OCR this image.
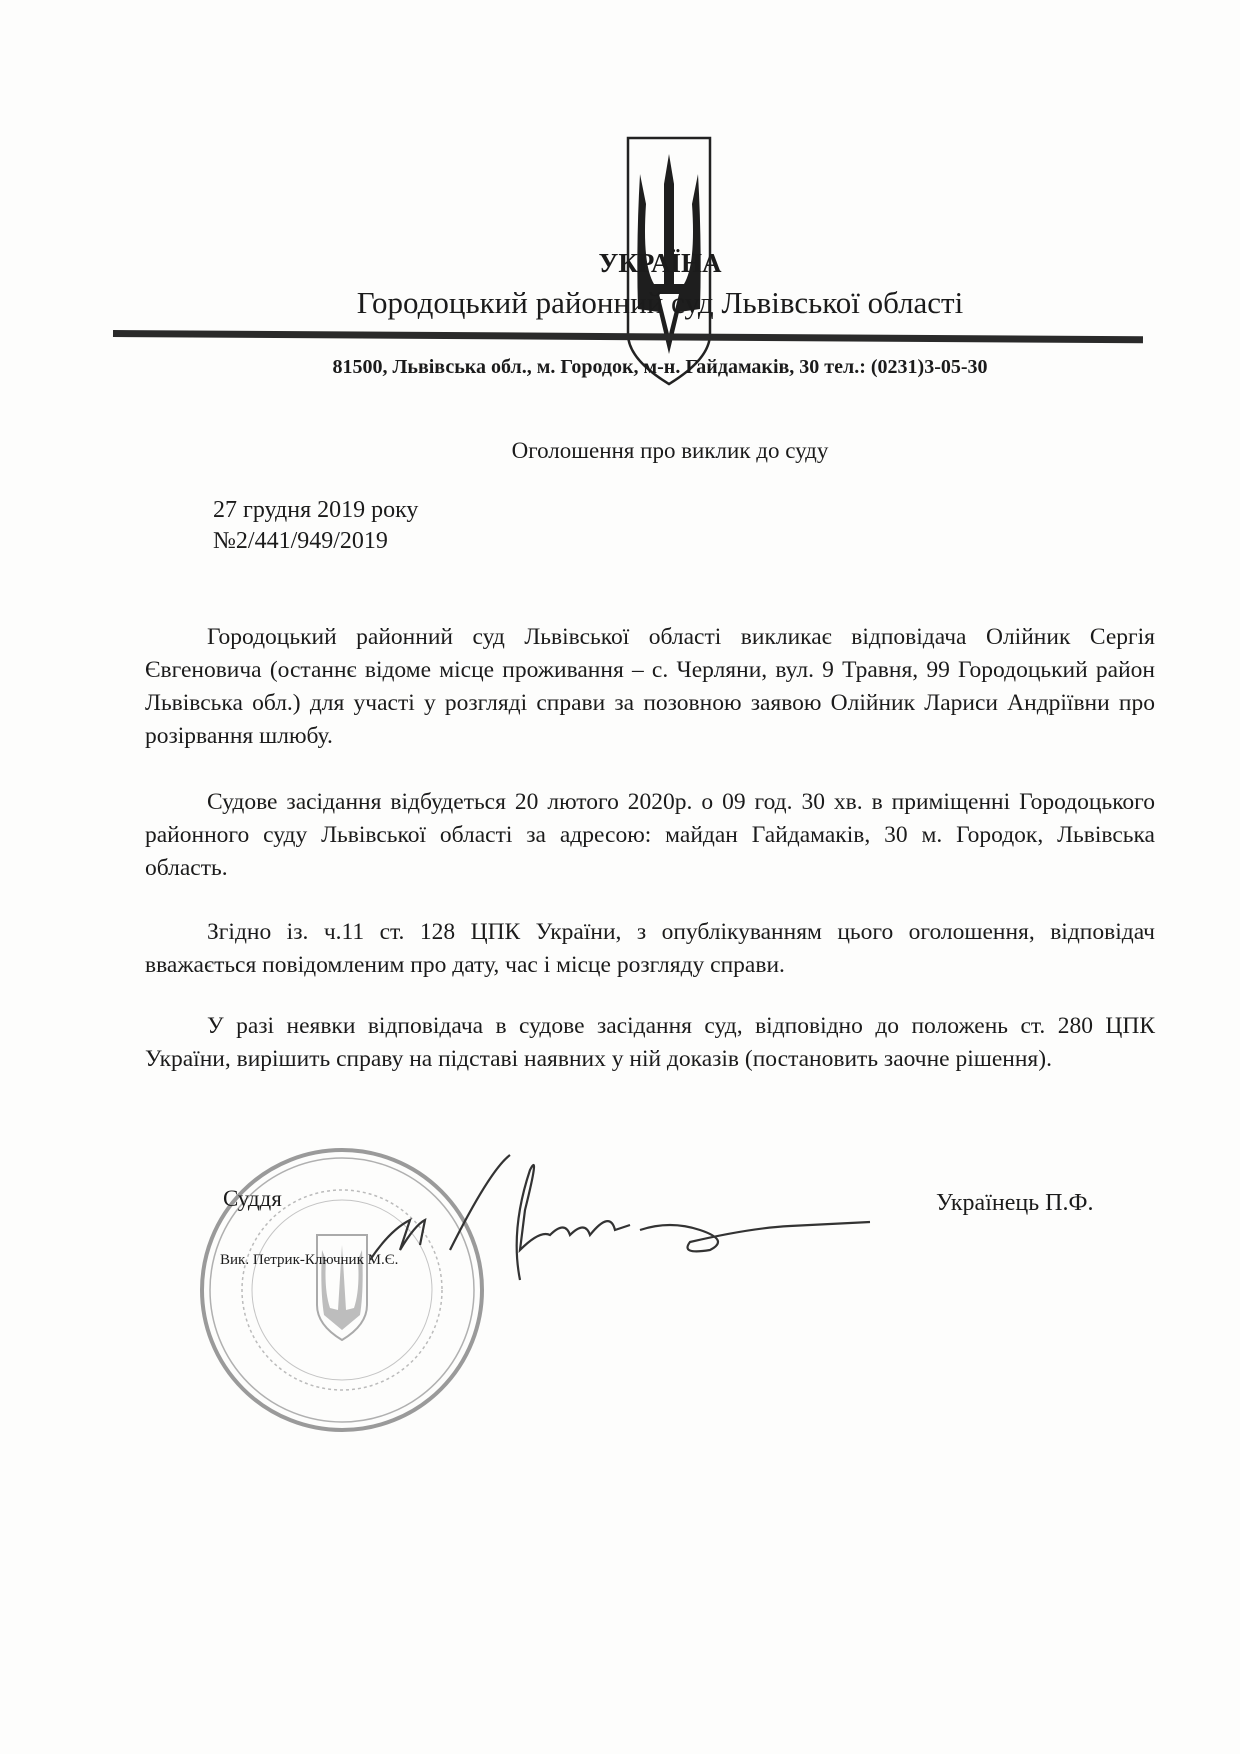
УКРАЇНА
Городоцький районний суд Львівської області
81500, Львівська обл., м. Городок, м-н. Гайдамаків, 30 тел.: (0231)3-05-30
Оголошення про виклик до суду
27 грудня 2019 року
№2/441/949/2019
Городоцький районний суд Львівської області викликає відповідача Олійник Сергія Євгеновича (останнє відоме місце проживання – с. Черляни, вул. 9 Травня, 99 Городоцький район Львівська обл.) для участі у розгляді справи за позовною заявою Олійник Лариси Андріївни про розірвання шлюбу.
Судове засідання відбудеться 20 лютого 2020р. о 09 год. 30 хв. в приміщенні Городоцького районного суду Львівської області за адресою: майдан Гайдамаків, 30 м. Городок, Львівська область.
Згідно із. ч.11 ст. 128 ЦПК України, з опублікуванням цього оголошення, відповідач вважається повідомленим про дату, час і місце розгляду справи.
У разі неявки відповідача в судове засідання суд, відповідно до положень ст. 280 ЦПК України, вирішить справу на підставі наявних у ній доказів (постановить заочне рішення).
Суддя
Вик. Петрик-Ключник М.Є.
Українець П.Ф.
